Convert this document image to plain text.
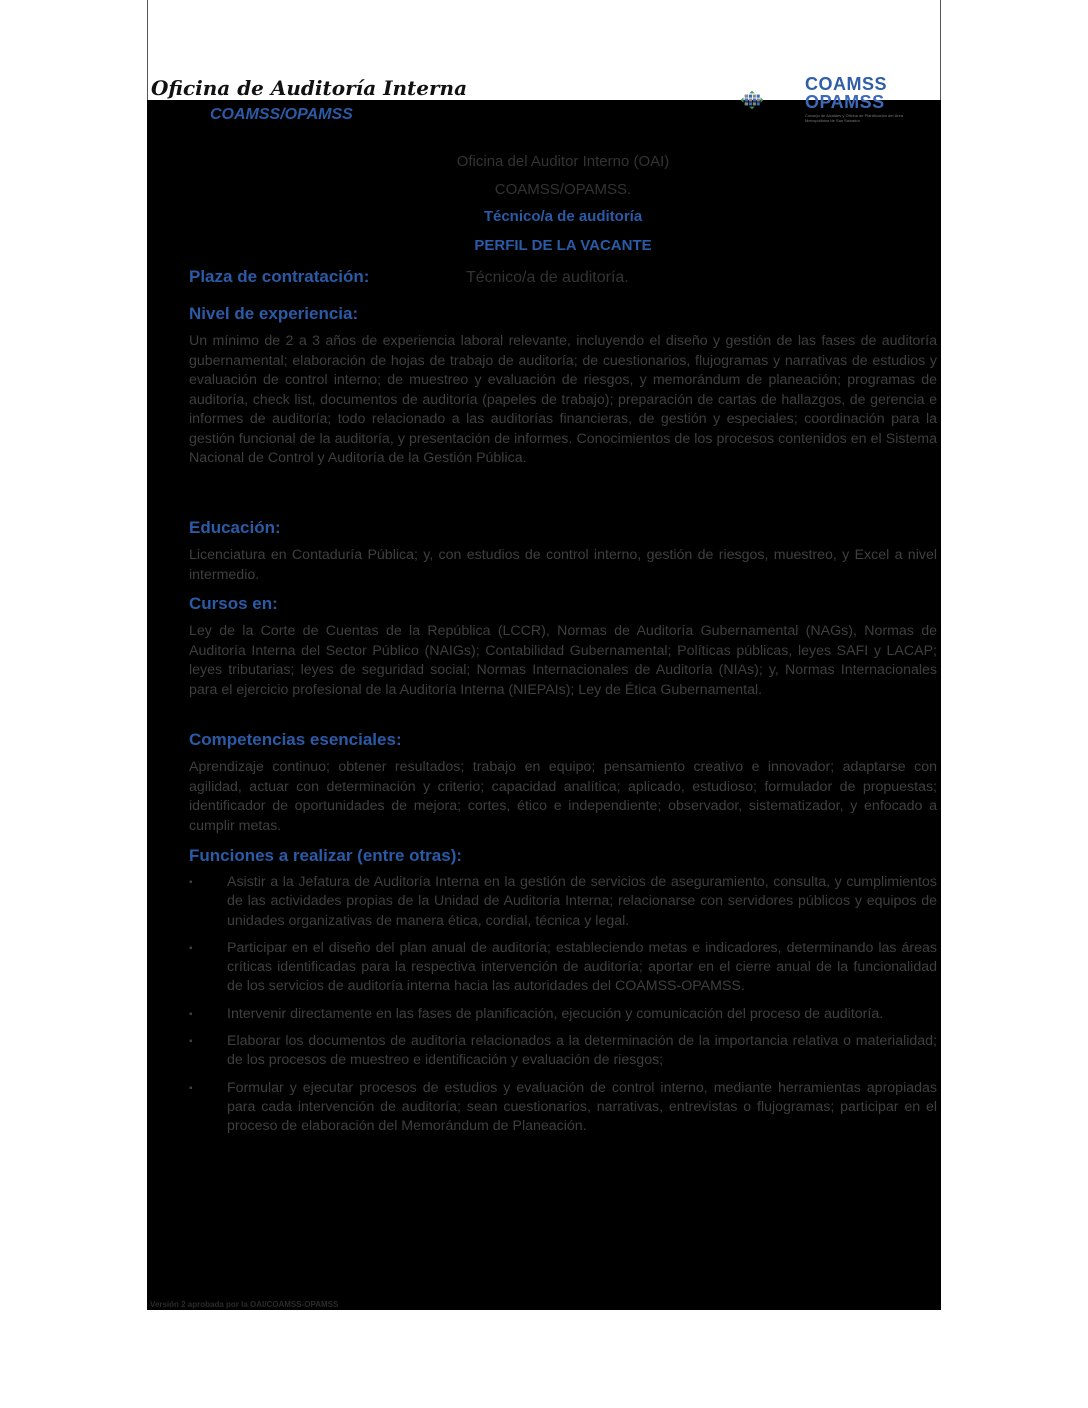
Oficina de Auditoría Interna
COAMSS/OPAMSS
COAMSS
OPAMSS
Consejo de Alcaldes y Oficina de Planificación del Área Metropolitana de San Salvador
Oficina del Auditor Interno (OAI)
COAMSS/OPAMSS.
Técnico/a de auditoría
PERFIL DE LA VACANTE
Plaza de contratación:	Técnico/a de auditoría.
Nivel de experiencia:
Un mínimo de 2 a 3 años de experiencia laboral relevante, incluyendo el diseño y gestión de las fases de auditoría gubernamental; elaboración de hojas de trabajo de auditoría; de cuestionarios, flujogramas y narrativas de estudios y evaluación de control interno; de muestreo y evaluación de riesgos, y memorándum de planeación; programas de auditoría, check list, documentos de auditoría (papeles de trabajo); preparación de cartas de hallazgos, de gerencia e informes de auditoría; todo relacionado a las auditorías financieras, de gestión y especiales; coordinación para la gestión funcional de la auditoría, y presentación de informes. Conocimientos de los procesos contenidos en el Sistema Nacional de Control y Auditoría de la Gestión Pública.
Educación:
Licenciatura en Contaduría Pública; y, con estudios de control interno, gestión de riesgos, muestreo, y Excel a nivel intermedio.
Cursos en:
Ley de la Corte de Cuentas de la República (LCCR), Normas de Auditoría Gubernamental (NAGs), Normas de Auditoría Interna del Sector Público (NAIGs); Contabilidad Gubernamental; Políticas públicas, leyes SAFI y LACAP; leyes tributarias; leyes de seguridad social; Normas Internacionales de Auditoría (NIAs); y, Normas Internacionales para el ejercicio profesional de la Auditoría Interna (NIEPAIs); Ley de Ética Gubernamental.
Competencias esenciales:
Aprendizaje continuo; obtener resultados; trabajo en equipo; pensamiento creativo e innovador; adaptarse con agilidad, actuar con determinación y criterio; capacidad analítica; aplicado, estudioso; formulador de propuestas; identificador de oportunidades de mejora; cortes, ético e independiente; observador, sistematizador, y enfocado a cumplir metas.
Funciones a realizar (entre otras):
▪	Asistir a la Jefatura de Auditoría Interna en la gestión de servicios de aseguramiento, consulta, y cumplimientos de las actividades propias de la Unidad de Auditoría Interna; relacionarse con servidores públicos y equipos de unidades organizativas de manera ética, cordial, técnica y legal.
▪	Participar en el diseño del plan anual de auditoría; estableciendo metas e indicadores, determinando las áreas críticas identificadas para la respectiva intervención de auditoría; aportar en el cierre anual de la funcionalidad de los servicios de auditoría interna hacia las autoridades del COAMSS-OPAMSS.
▪	Intervenir directamente en las fases de planificación, ejecución y comunicación del proceso de auditoría.
▪	Elaborar los documentos de auditoría relacionados a la determinación de la importancia relativa o materialidad; de los procesos de muestreo e identificación y evaluación de riesgos;
▪	Formular y ejecutar procesos de estudios y evaluación de control interno, mediante herramientas apropiadas para cada intervención de auditoría; sean cuestionarios, narrativas, entrevistas o flujogramas; participar en el proceso de elaboración del Memorándum de Planeación.
Versión 2 aprobada por la OAI/COAMSS-OPAMSS
